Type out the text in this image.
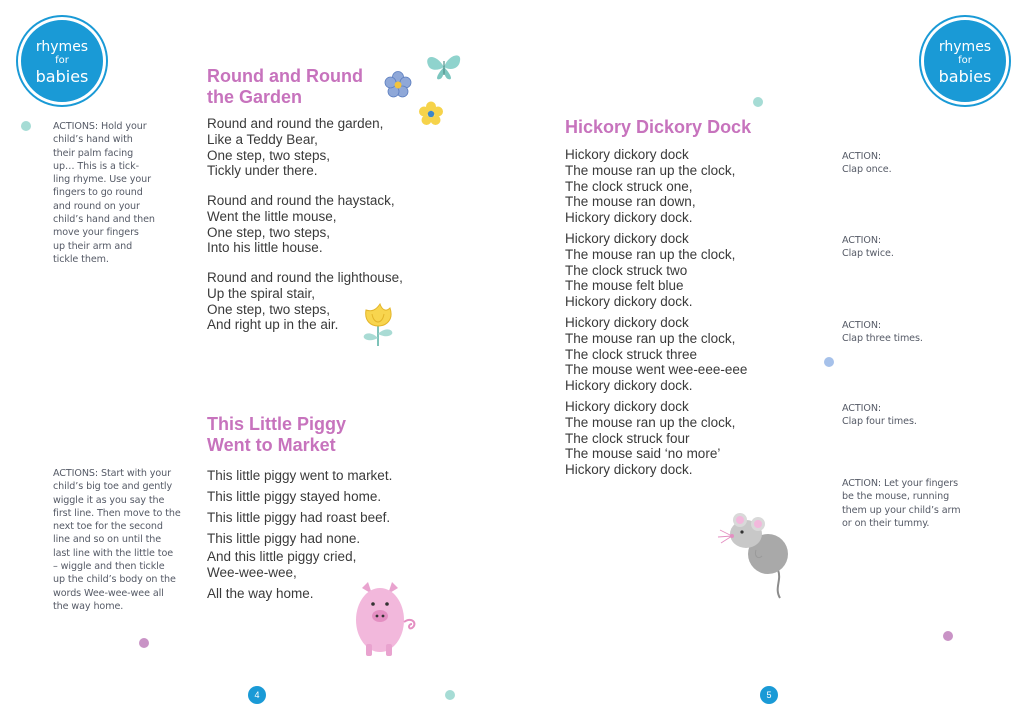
rhymes
for
babies
ACTIONS: Hold your
child’s hand with
their palm facing
up… This is a tick-
ling rhyme. Use your
fingers to go round
and round on your
child’s hand and then
move your fingers
up their arm and
tickle them.
Round and Round
the Garden
Round and round the garden,
Like a Teddy Bear,
One step, two steps,
Tickly under there.
Round and round the haystack,
Went the little mouse,
One step, two steps,
Into his little house.
Round and round the lighthouse,
Up the spiral stair,
One step, two steps,
And right up in the air.
This Little Piggy
Went to Market
This little piggy went to market.
This little piggy stayed home.
This little piggy had roast beef.
This little piggy had none.
And this little piggy cried,
Wee-wee-wee,
All the way home.
ACTIONS: Start with your
child’s big toe and gently
wiggle it as you say the
first line. Then move to the
next toe for the second
line and so on until the
last line with the little toe
– wiggle and then tickle
up the child’s body on the
words Wee-wee-wee all
the way home.
4
rhymes
for
babies
Hickory Dickory Dock
Hickory dickory dock
The mouse ran up the clock,
The clock struck one,
The mouse ran down,
Hickory dickory dock.
Hickory dickory dock
The mouse ran up the clock,
The clock struck two
The mouse felt blue
Hickory dickory dock.
Hickory dickory dock
The mouse ran up the clock,
The clock struck three
The mouse went wee-eee-eee
Hickory dickory dock.
Hickory dickory dock
The mouse ran up the clock,
The clock struck four
The mouse said ‘no more’
Hickory dickory dock.
ACTION:
Clap once.
ACTION:
Clap twice.
ACTION:
Clap three times.
ACTION:
Clap four times.
ACTION: Let your fingers
be the mouse, running
them up your child’s arm
or on their tummy.
5
